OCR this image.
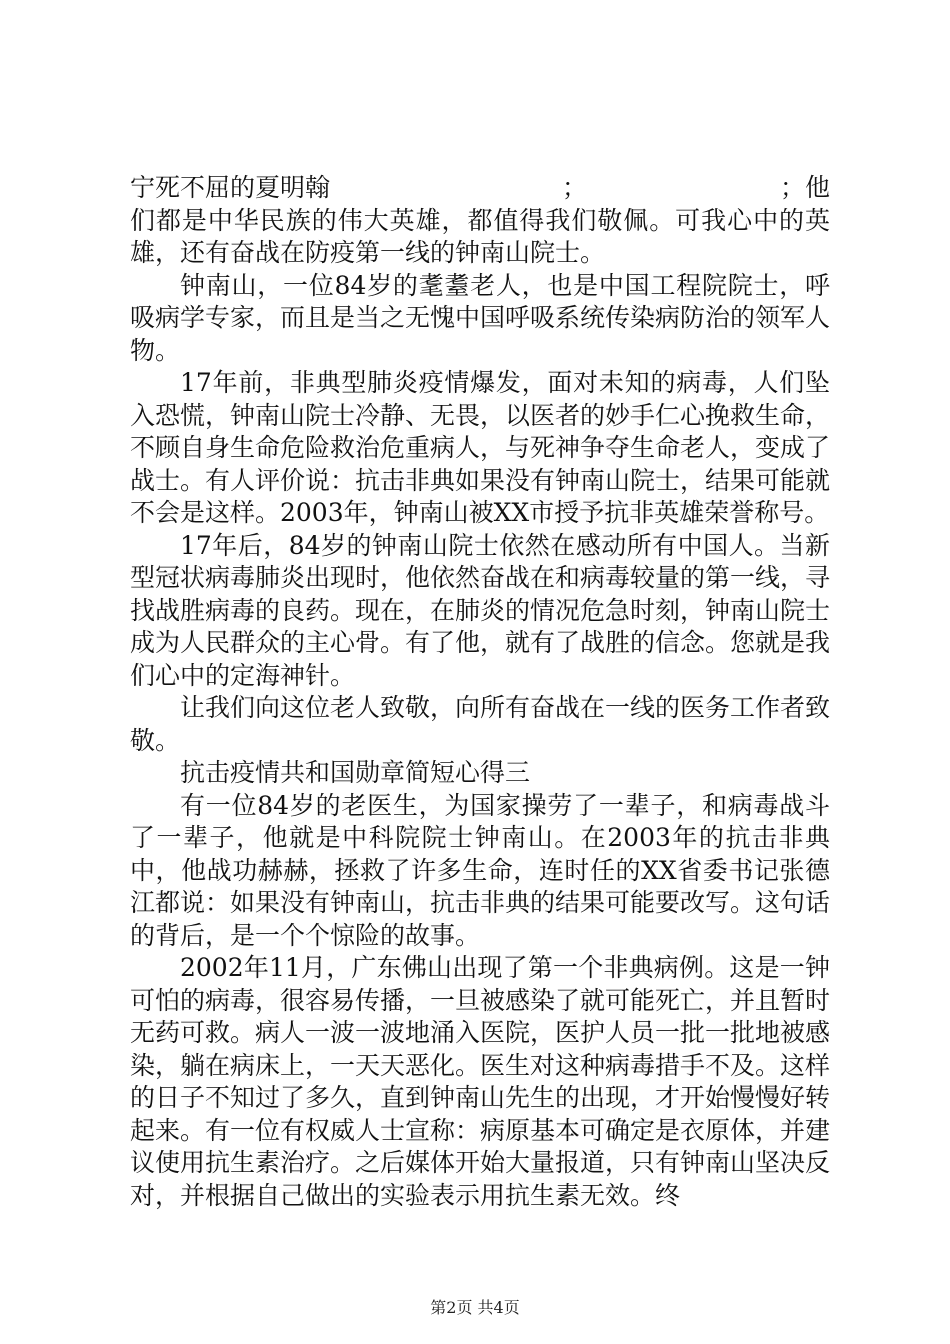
宁死不屈的夏明翰	；	；他

们都是中华民族的伟大英雄，都值得我们敬佩。可我心中的英雄，还有奋战在防疫第一线的钟南山院士。

钟南山，一位84岁的耄耋老人，也是中国工程院院士，呼吸病学专家，而且是当之无愧中国呼吸系统传染病防治的领军人物。

17年前，非典型肺炎疫情爆发，面对未知的病毒，人们坠入恐慌，钟南山院士冷静、无畏，以医者的妙手仁心挽救生命，不顾自身生命危险救治危重病人，与死神争夺生命老人，变成了战士。有人评价说：抗击非典如果没有钟南山院士，结果可能就不会是这样。2003年，钟南山被XX市授予抗非英雄荣誉称号。

17年后，84岁的钟南山院士依然在感动所有中国人。当新型冠状病毒肺炎出现时，他依然奋战在和病毒较量的第一线，寻找战胜病毒的良药。现在，在肺炎的情况危急时刻，钟南山院士成为人民群众的主心骨。有了他，就有了战胜的信念。您就是我们心中的定海神针。

让我们向这位老人致敬，向所有奋战在一线的医务工作者致敬。

抗击疫情共和国勋章简短心得三

有一位84岁的老医生，为国家操劳了一辈子，和病毒战斗了一辈子，他就是中科院院士钟南山。在2003年的抗击非典中，他战功赫赫，拯救了许多生命，连时任的XX省委书记张德江都说：如果没有钟南山，抗击非典的结果可能要改写。这句话的背后，是一个个惊险的故事。

2002年11月，广东佛山出现了第一个非典病例。这是一钟可怕的病毒，很容易传播，一旦被感染了就可能死亡，并且暂时无药可救。病人一波一波地涌入医院，医护人员一批一批地被感染，躺在病床上，一天天恶化。医生对这种病毒措手不及。这样的日子不知过了多久，直到钟南山先生的出现，才开始慢慢好转起来。有一位有权威人士宣称：病原基本可确定是衣原体，并建议使用抗生素治疗。之后媒体开始大量报道，只有钟南山坚决反对，并根据自己做出的实验表示用抗生素无效。终

第2页 共4页
